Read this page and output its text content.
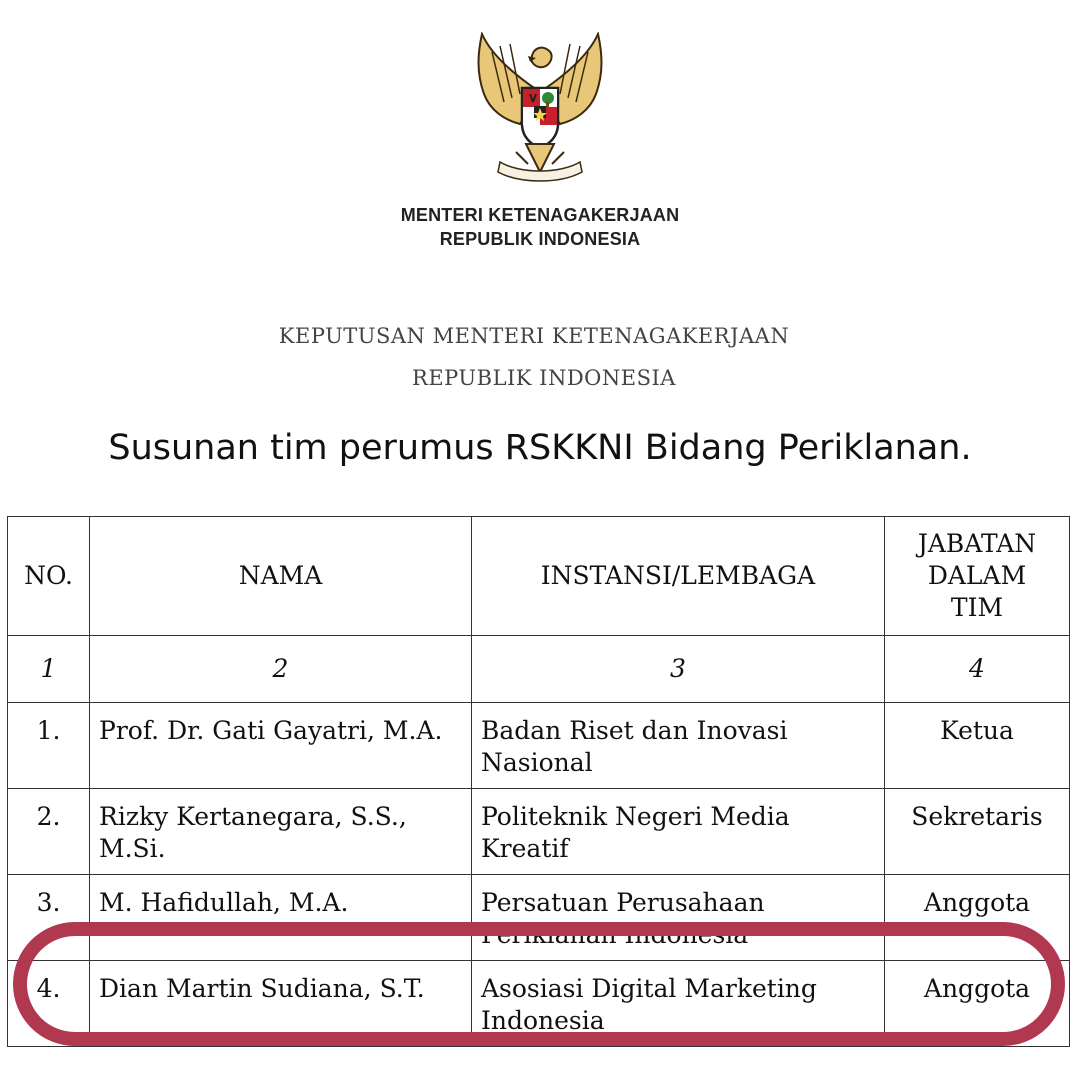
MENTERI KETENAGAKERJAAN
REPUBLIK INDONESIA
KEPUTUSAN MENTERI KETENAGAKERJAAN
REPUBLIK INDONESIA
Susunan tim perumus RSKKNI Bidang Periklanan.
NO.	NAMA	INSTANSI/LEMBAGA	JABATAN
DALAM
TIM

1	2	3	4
1.	Prof. Dr. Gati Gayatri, M.A.	Badan Riset dan Inovasi Nasional	Ketua
2.	Rizky Kertanegara, S.S., M.Si.	Politeknik Negeri Media Kreatif	Sekretaris

3.	M. Hafidullah, M.A.	Persatuan Perusahaan Periklanan Indonesia	Anggota

4.	Dian Martin Sudiana, S.T.	Asosiasi Digital Marketing Indonesia	Anggota
